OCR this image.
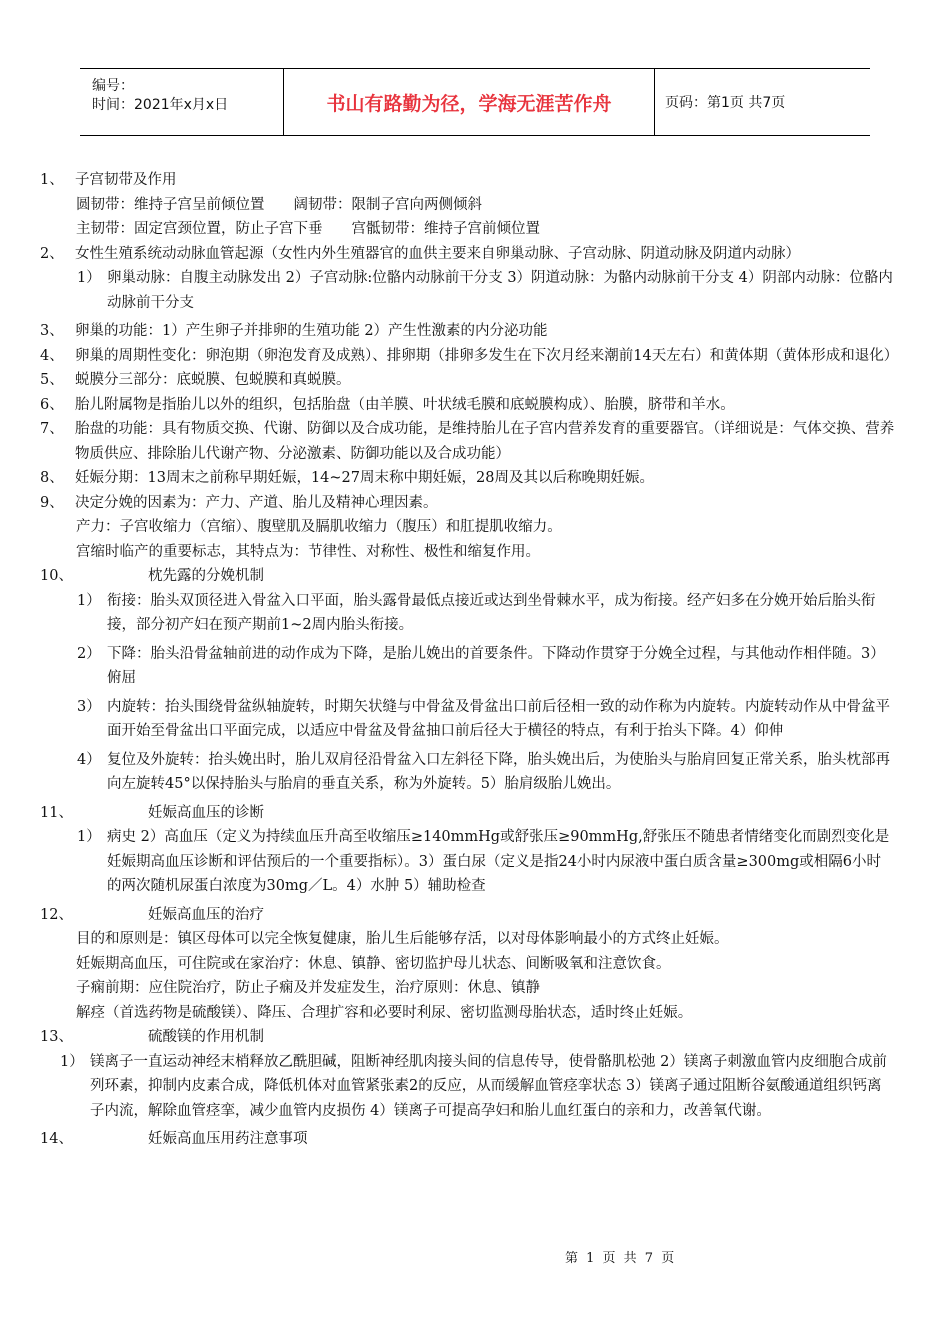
编号：
时间：2021年x月x日	书山有路勤为径，学海无涯苦作舟	页码：第1页 共7页
1、 子宫韧带及作用
圆韧带：维持子宫呈前倾位置　　阔韧带：限制子宫向两侧倾斜
主韧带：固定宫颈位置，防止子宫下垂　　宫骶韧带：维持子宫前倾位置
2、 女性生殖系统动动脉血管起源（女性内外生殖器官的血供主要来自卵巢动脉、子宫动脉、阴道动脉及阴道内动脉）
1） 卵巢动脉：自腹主动脉发出 2）子宫动脉:位骼内动脉前干分支 3）阴道动脉：为骼内动脉前干分支 4）阴部内动脉：位骼内动脉前干分支
3、 卵巢的功能：1）产生卵子并排卵的生殖功能 2）产生性激素的内分泌功能
4、 卵巢的周期性变化：卵泡期（卵泡发育及成熟）、排卵期（排卵多发生在下次月经来潮前14天左右）和黄体期（黄体形成和退化）
5、 蜕膜分三部分：底蜕膜、包蜕膜和真蜕膜。
6、 胎儿附属物是指胎儿以外的组织，包括胎盘（由羊膜、叶状绒毛膜和底蜕膜构成）、胎膜，脐带和羊水。
7、 胎盘的功能：具有物质交换、代谢、防御以及合成功能，是维持胎儿在子宫内营养发育的重要器官。（详细说是：气体交换、营养物质供应、排除胎儿代谢产物、分泌激素、防御功能以及合成功能）
8、 妊娠分期：13周末之前称早期妊娠，14~27周末称中期妊娠，28周及其以后称晚期妊娠。
9、 决定分娩的因素为：产力、产道、胎儿及精神心理因素。
产力：子宫收缩力（宫缩）、腹壁肌及膈肌收缩力（腹压）和肛提肌收缩力。
宫缩时临产的重要标志，其特点为：节律性、对称性、极性和缩复作用。
10、	枕先露的分娩机制
1） 衔接：胎头双顶径进入骨盆入口平面，胎头露骨最低点接近或达到坐骨棘水平，成为衔接。经产妇多在分娩开始后胎头衔接，部分初产妇在预产期前1~2周内胎头衔接。
2） 下降：胎头沿骨盆轴前进的动作成为下降，是胎儿娩出的首要条件。下降动作贯穿于分娩全过程，与其他动作相伴随。3）俯屈
3） 内旋转：抬头围绕骨盆纵轴旋转，时期矢状缝与中骨盆及骨盆出口前后径相一致的动作称为内旋转。内旋转动作从中骨盆平面开始至骨盆出口平面完成，以适应中骨盆及骨盆抽口前后径大于横径的特点，有利于抬头下降。4）仰伸
4） 复位及外旋转：抬头娩出时，胎儿双肩径沿骨盆入口左斜径下降，胎头娩出后，为使胎头与胎肩回复正常关系，胎头枕部再向左旋转45°以保持胎头与胎肩的垂直关系，称为外旋转。5）胎肩级胎儿娩出。
11、	妊娠高血压的诊断
1） 病史 2）高血压（定义为持续血压升高至收缩压≥140mmHg或舒张压≥90mmHg,舒张压不随患者情绪变化而剧烈变化是妊娠期高血压诊断和评估预后的一个重要指标）。3）蛋白尿（定义是指24小时内尿液中蛋白质含量≥300mg或相隔6小时的两次随机尿蛋白浓度为30mg／L。4）水肿 5）辅助检查
12、	妊娠高血压的治疗
目的和原则是：镇区母体可以完全恢复健康，胎儿生后能够存活，以对母体影响最小的方式终止妊娠。
妊娠期高血压，可住院或在家治疗：休息、镇静、密切监护母儿状态、间断吸氧和注意饮食。
子痫前期：应住院治疗，防止子痫及并发症发生，治疗原则：休息、镇静
解痉（首选药物是硫酸镁）、降压、合理扩容和必要时利尿、密切监测母胎状态，适时终止妊娠。
13、	硫酸镁的作用机制
1） 镁离子一直运动神经末梢释放乙酰胆碱，阻断神经肌肉接头间的信息传导，使骨骼肌松弛 2）镁离子刺激血管内皮细胞合成前列环素，抑制内皮素合成，降低机体对血管紧张素2的反应，从而缓解血管痉挛状态 3）镁离子通过阻断谷氨酸通道组织钙离子内流，解除血管痉挛，减少血管内皮损伤 4）镁离子可提高孕妇和胎儿血红蛋白的亲和力，改善氧代谢。
14、	妊娠高血压用药注意事项
第 1 页 共 7 页
